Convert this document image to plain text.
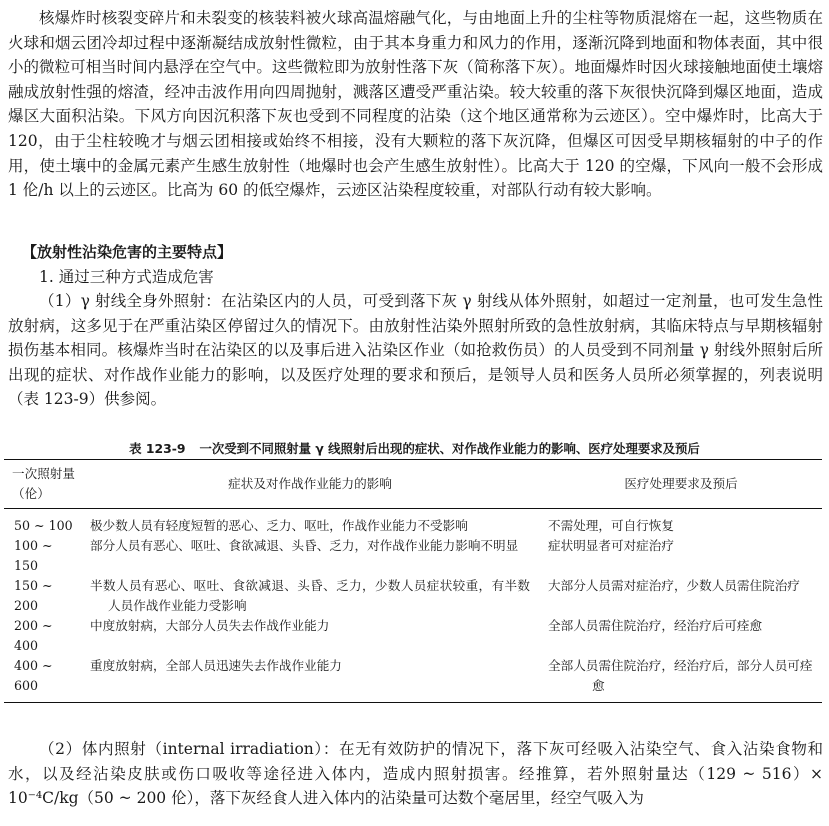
核爆炸时核裂变碎片和未裂变的核装料被火球高温熔融气化，与由地面上升的尘柱等物质混熔在一起，这些物质在火球和烟云团冷却过程中逐渐凝结成放射性微粒，由于其本身重力和风力的作用，逐渐沉降到地面和物体表面，其中很小的微粒可相当时间内悬浮在空气中。这些微粒即为放射性落下灰（简称落下灰）。地面爆炸时因火球接触地面使土壤熔融成放射性强的熔渣，经冲击波作用向四周抛射，溅落区遭受严重沾染。较大较重的落下灰很快沉降到爆区地面，造成爆区大面积沾染。下风方向因沉积落下灰也受到不同程度的沾染（这个地区通常称为云迹区）。空中爆炸时，比高大于 120，由于尘柱较晚才与烟云团相接或始终不相接，没有大颗粒的落下灰沉降，但爆区可因受早期核辐射的中子的作用，使土壤中的金属元素产生感生放射性（地爆时也会产生感生放射性）。比高大于 120 的空爆，下风向一般不会形成 1 伦/h 以上的云迹区。比高为 60 的低空爆炸，云迹区沾染程度较重，对部队行动有较大影响。

【放射性沾染危害的主要特点】

1. 通过三种方式造成危害

（1）γ 射线全身外照射：在沾染区内的人员，可受到落下灰 γ 射线从体外照射，如超过一定剂量，也可发生急性放射病，这多见于在严重沾染区停留过久的情况下。由放射性沾染外照射所致的急性放射病，其临床特点与早期核辐射损伤基本相同。核爆炸当时在沾染区的以及事后进入沾染区作业（如抢救伤员）的人员受到不同剂量 γ 射线外照射后所出现的症状、对作战作业能力的影响，以及医疗处理的要求和预后，是领导人员和医务人员所必须掌握的，列表说明（表 123-9）供参阅。

表 123-9 一次受到不同照射量 γ 线照射后出现的症状、对作战作业能力的影响、医疗处理要求及预后

一次照射量（伦）	症状及对作战作业能力的影响	医疗处理要求及预后
50 ~ 100	极少数人员有轻度短暂的恶心、乏力、呕吐，作战作业能力不受影响	不需处理，可自行恢复
100 ~ 150	部分人员有恶心、呕吐、食欲减退、头昏、乏力，对作战作业能力影响不明显	症状明显者可对症治疗
150 ~ 200	半数人员有恶心、呕吐、食欲减退、头昏、乏力，少数人员症状较重，有半数人员作战作业能力受影响	大部分人员需对症治疗，少数人员需住院治疗

200 ~ 400	中度放射病，大部分人员失去作战作业能力	全部人员需住院治疗，经治疗后可痊愈
400 ~ 600	重度放射病，全部人员迅速失去作战作业能力	全部人员需住院治疗，经治疗后，部分人员可痊愈

（2）体内照射（internal irradiation）：在无有效防护的情况下，落下灰可经吸入沾染空气、食入沾染食物和水，以及经沾染皮肤或伤口吸收等途径进入体内，造成内照射损害。经推算，若外照射量达（129 ~ 516）× 10⁻⁴C/kg（50 ~ 200 伦），落下灰经食人进入体内的沾染量可达数个毫居里，经空气吸入为
